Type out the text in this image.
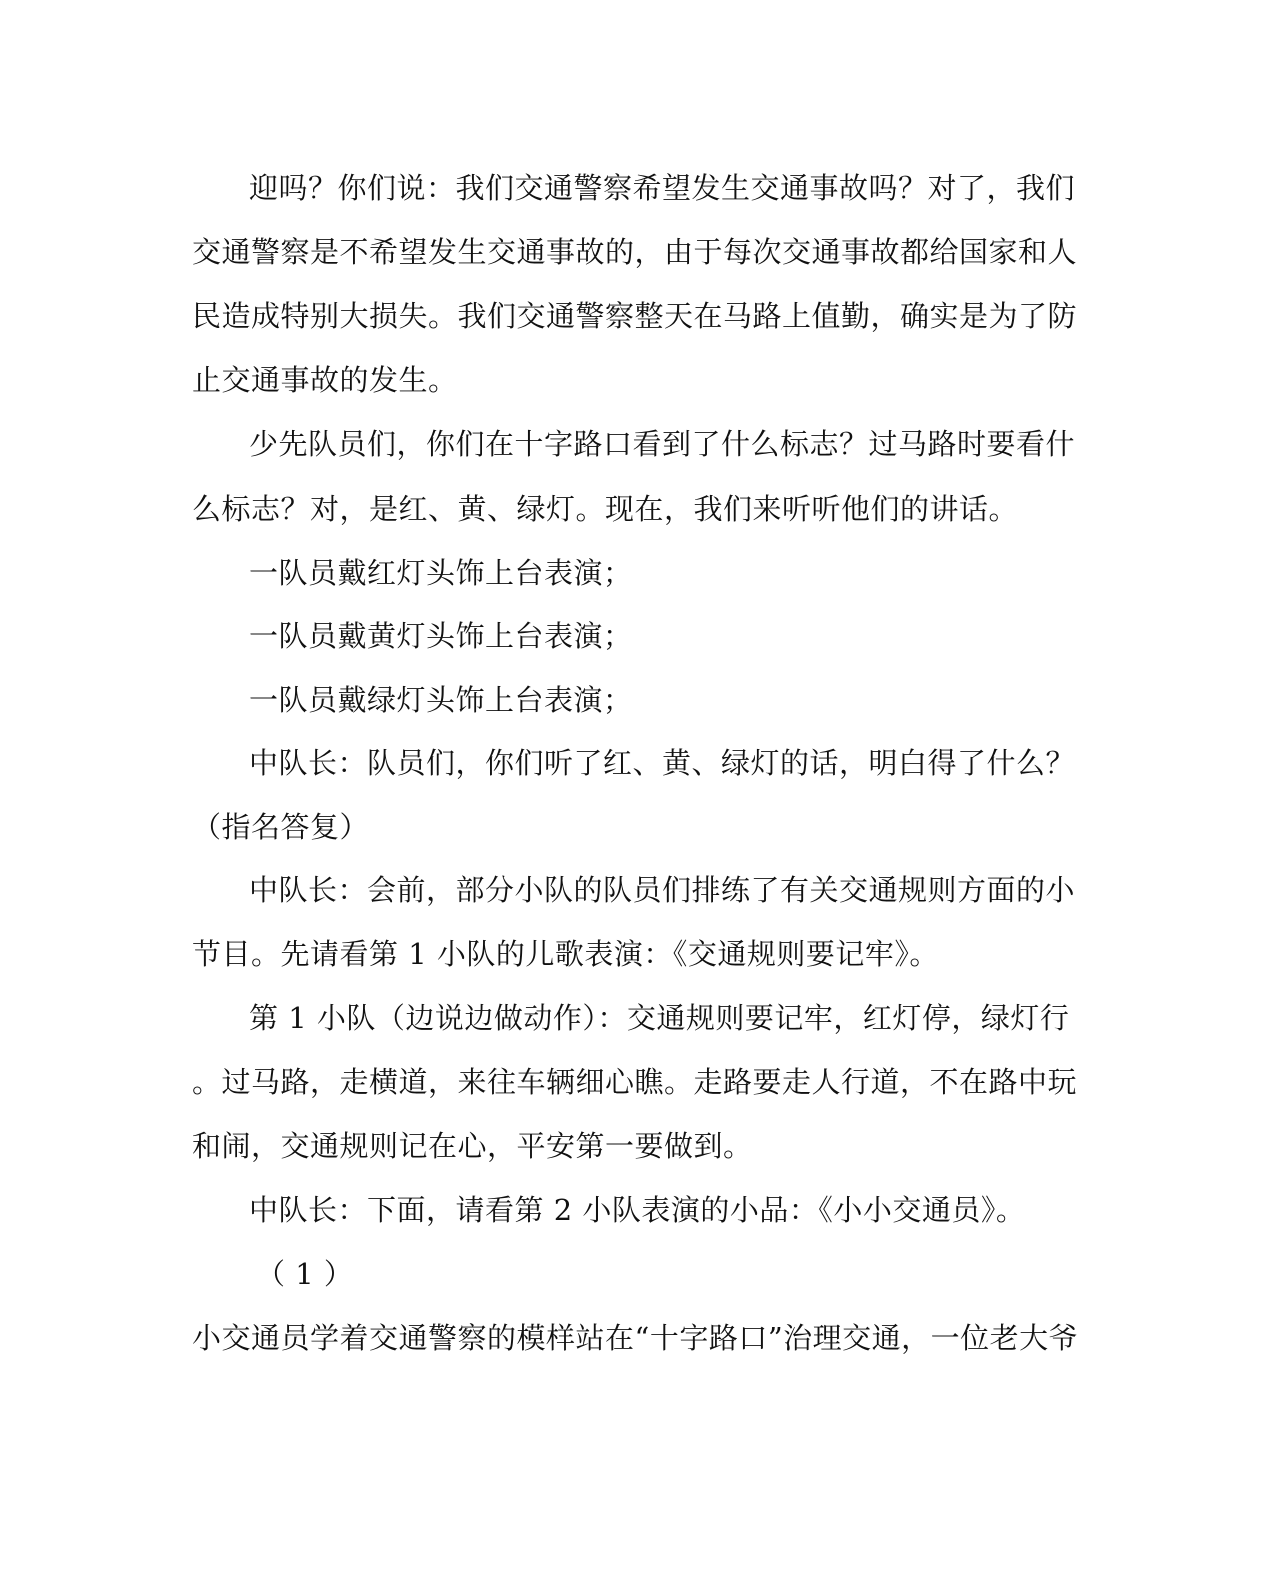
迎吗？你们说：我们交通警察希望发生交通事故吗？对了，我们
交通警察是不希望发生交通事故的，由于每次交通事故都给国家和人
民造成特别大损失。我们交通警察整天在马路上值勤，确实是为了防
止交通事故的发生。
少先队员们，你们在十字路口看到了什么标志？过马路时要看什
么标志？对，是红、黄、绿灯。现在，我们来听听他们的讲话。
一队员戴红灯头饰上台表演；
一队员戴黄灯头饰上台表演；
一队员戴绿灯头饰上台表演；
中队长：队员们，你们听了红、黄、绿灯的话，明白得了什么？
（指名答复）
中队长：会前，部分小队的队员们排练了有关交通规则方面的小
节目。先请看第 1 小队的儿歌表演：《交通规则要记牢》。
第 1 小队（边说边做动作）：交通规则要记牢，红灯停，绿灯行
。过马路，走横道，来往车辆细心瞧。走路要走人行道，不在路中玩
和闹，交通规则记在心，平安第一要做到。
中队长：下面，请看第 2 小队表演的小品：《小小交通员》。
（ 1 ）
小交通员学着交通警察的模样站在“十字路口”治理交通，一位老大爷
